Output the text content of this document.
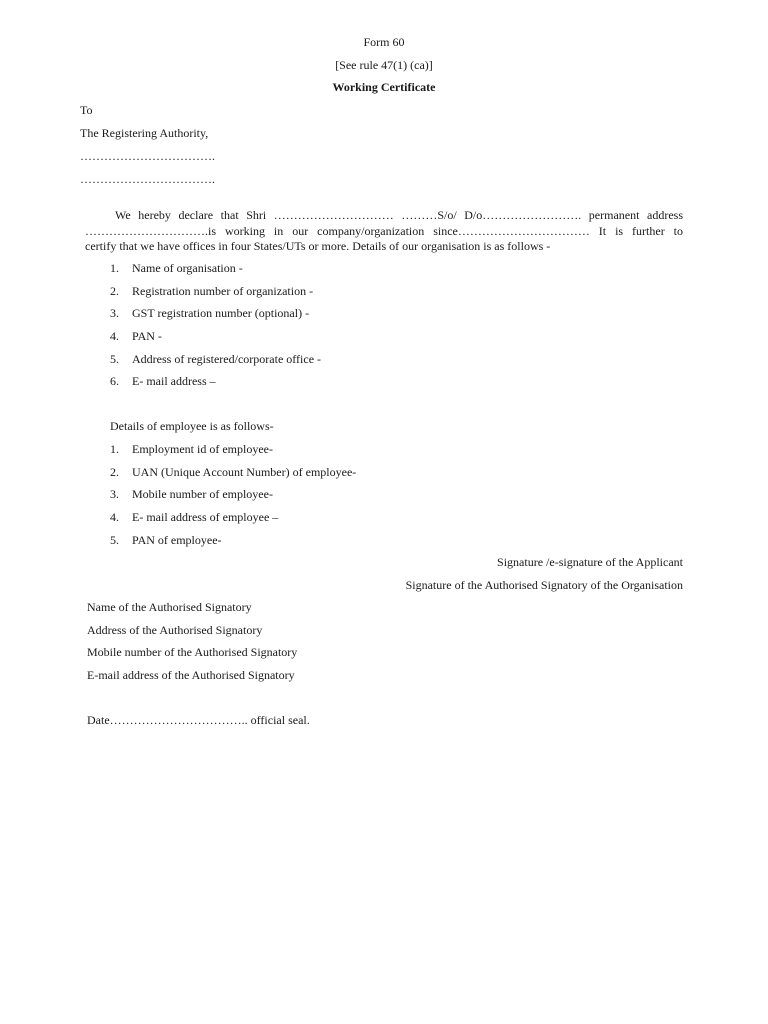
Form 60
[See rule 47(1) (ca)]
Working Certificate
To
The Registering Authority,
…………………………….
…………………………….
We hereby declare that Shri ………………………… ………S/o/ D/o……………………. permanent address
………………………….is working in our company/organization since…………………………… It is further to
certify that we have offices in four States/UTs or more. Details of our organisation is as follows -
1. Name of organisation -
2. Registration number of organization -
3. GST registration number (optional) -
4. PAN -
5. Address of registered/corporate office -
6. E- mail address –
Details of employee is as follows-
1. Employment id of employee-
2. UAN (Unique Account Number) of employee-
3. Mobile number of employee-
4. E- mail address of employee –
5. PAN of employee-
Signature /e-signature of the Applicant
Signature of the Authorised Signatory of the Organisation
Name of the Authorised Signatory
Address of the Authorised Signatory
Mobile number of the Authorised Signatory
E-mail address of the Authorised Signatory
Date…………………………….. official seal.
